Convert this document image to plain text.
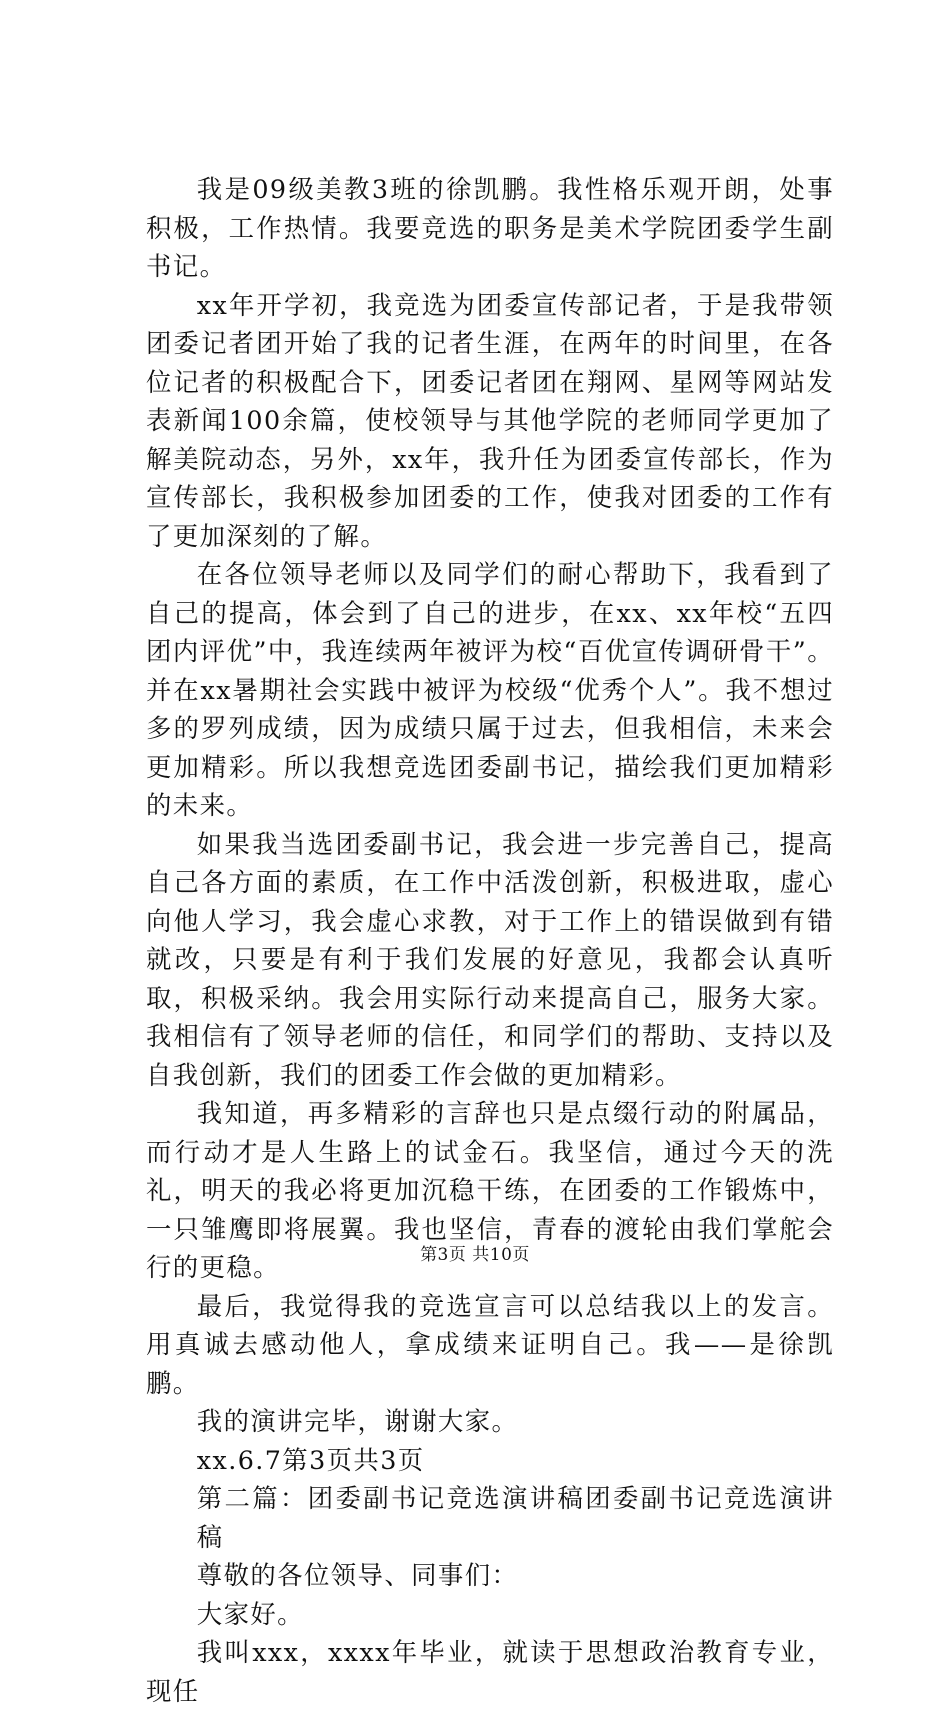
我是09级美教3班的徐凯鹏。我性格乐观开朗，处事积极，工作热情。我要竞选的职务是美术学院团委学生副书记。

xx年开学初，我竞选为团委宣传部记者，于是我带领团委记者团开始了我的记者生涯，在两年的时间里，在各位记者的积极配合下，团委记者团在翔网、星网等网站发表新闻100余篇，使校领导与其他学院的老师同学更加了解美院动态，另外，xx年，我升任为团委宣传部长，作为宣传部长，我积极参加团委的工作，使我对团委的工作有了更加深刻的了解。

在各位领导老师以及同学们的耐心帮助下，我看到了自己的提高，体会到了自己的进步，在xx、xx年校“五四团内评优”中，我连续两年被评为校“百优宣传调研骨干”。并在xx暑期社会实践中被评为校级“优秀个人”。我不想过多的罗列成绩，因为成绩只属于过去，但我相信，未来会更加精彩。所以我想竞选团委副书记，描绘我们更加精彩的未来。

如果我当选团委副书记，我会进一步完善自己，提高自己各方面的素质，在工作中活泼创新，积极进取，虚心向他人学习，我会虚心求教，对于工作上的错误做到有错就改，只要是有利于我们发展的好意见，我都会认真听取，积极采纳。我会用实际行动来提高自己，服务大家。我相信有了领导老师的信任，和同学们的帮助、支持以及自我创新，我们的团委工作会做的更加精彩。

我知道，再多精彩的言辞也只是点缀行动的附属品，而行动才是人生路上的试金石。我坚信，通过今天的洗礼，明天的我必将更加沉稳干练，在团委的工作锻炼中，一只雏鹰即将展翼。我也坚信，青春的渡轮由我们掌舵会行的更稳。

最后，我觉得我的竞选宣言可以总结我以上的发言。用真诚去感动他人，拿成绩来证明自己。我——是徐凯鹏。

我的演讲完毕，谢谢大家。

xx.6.7第3页共3页

第二篇：团委副书记竞选演讲稿团委副书记竞选演讲稿

尊敬的各位领导、同事们：

大家好。

我叫xxx，xxxx年毕业，就读于思想政治教育专业，现任

第3页 共10页
